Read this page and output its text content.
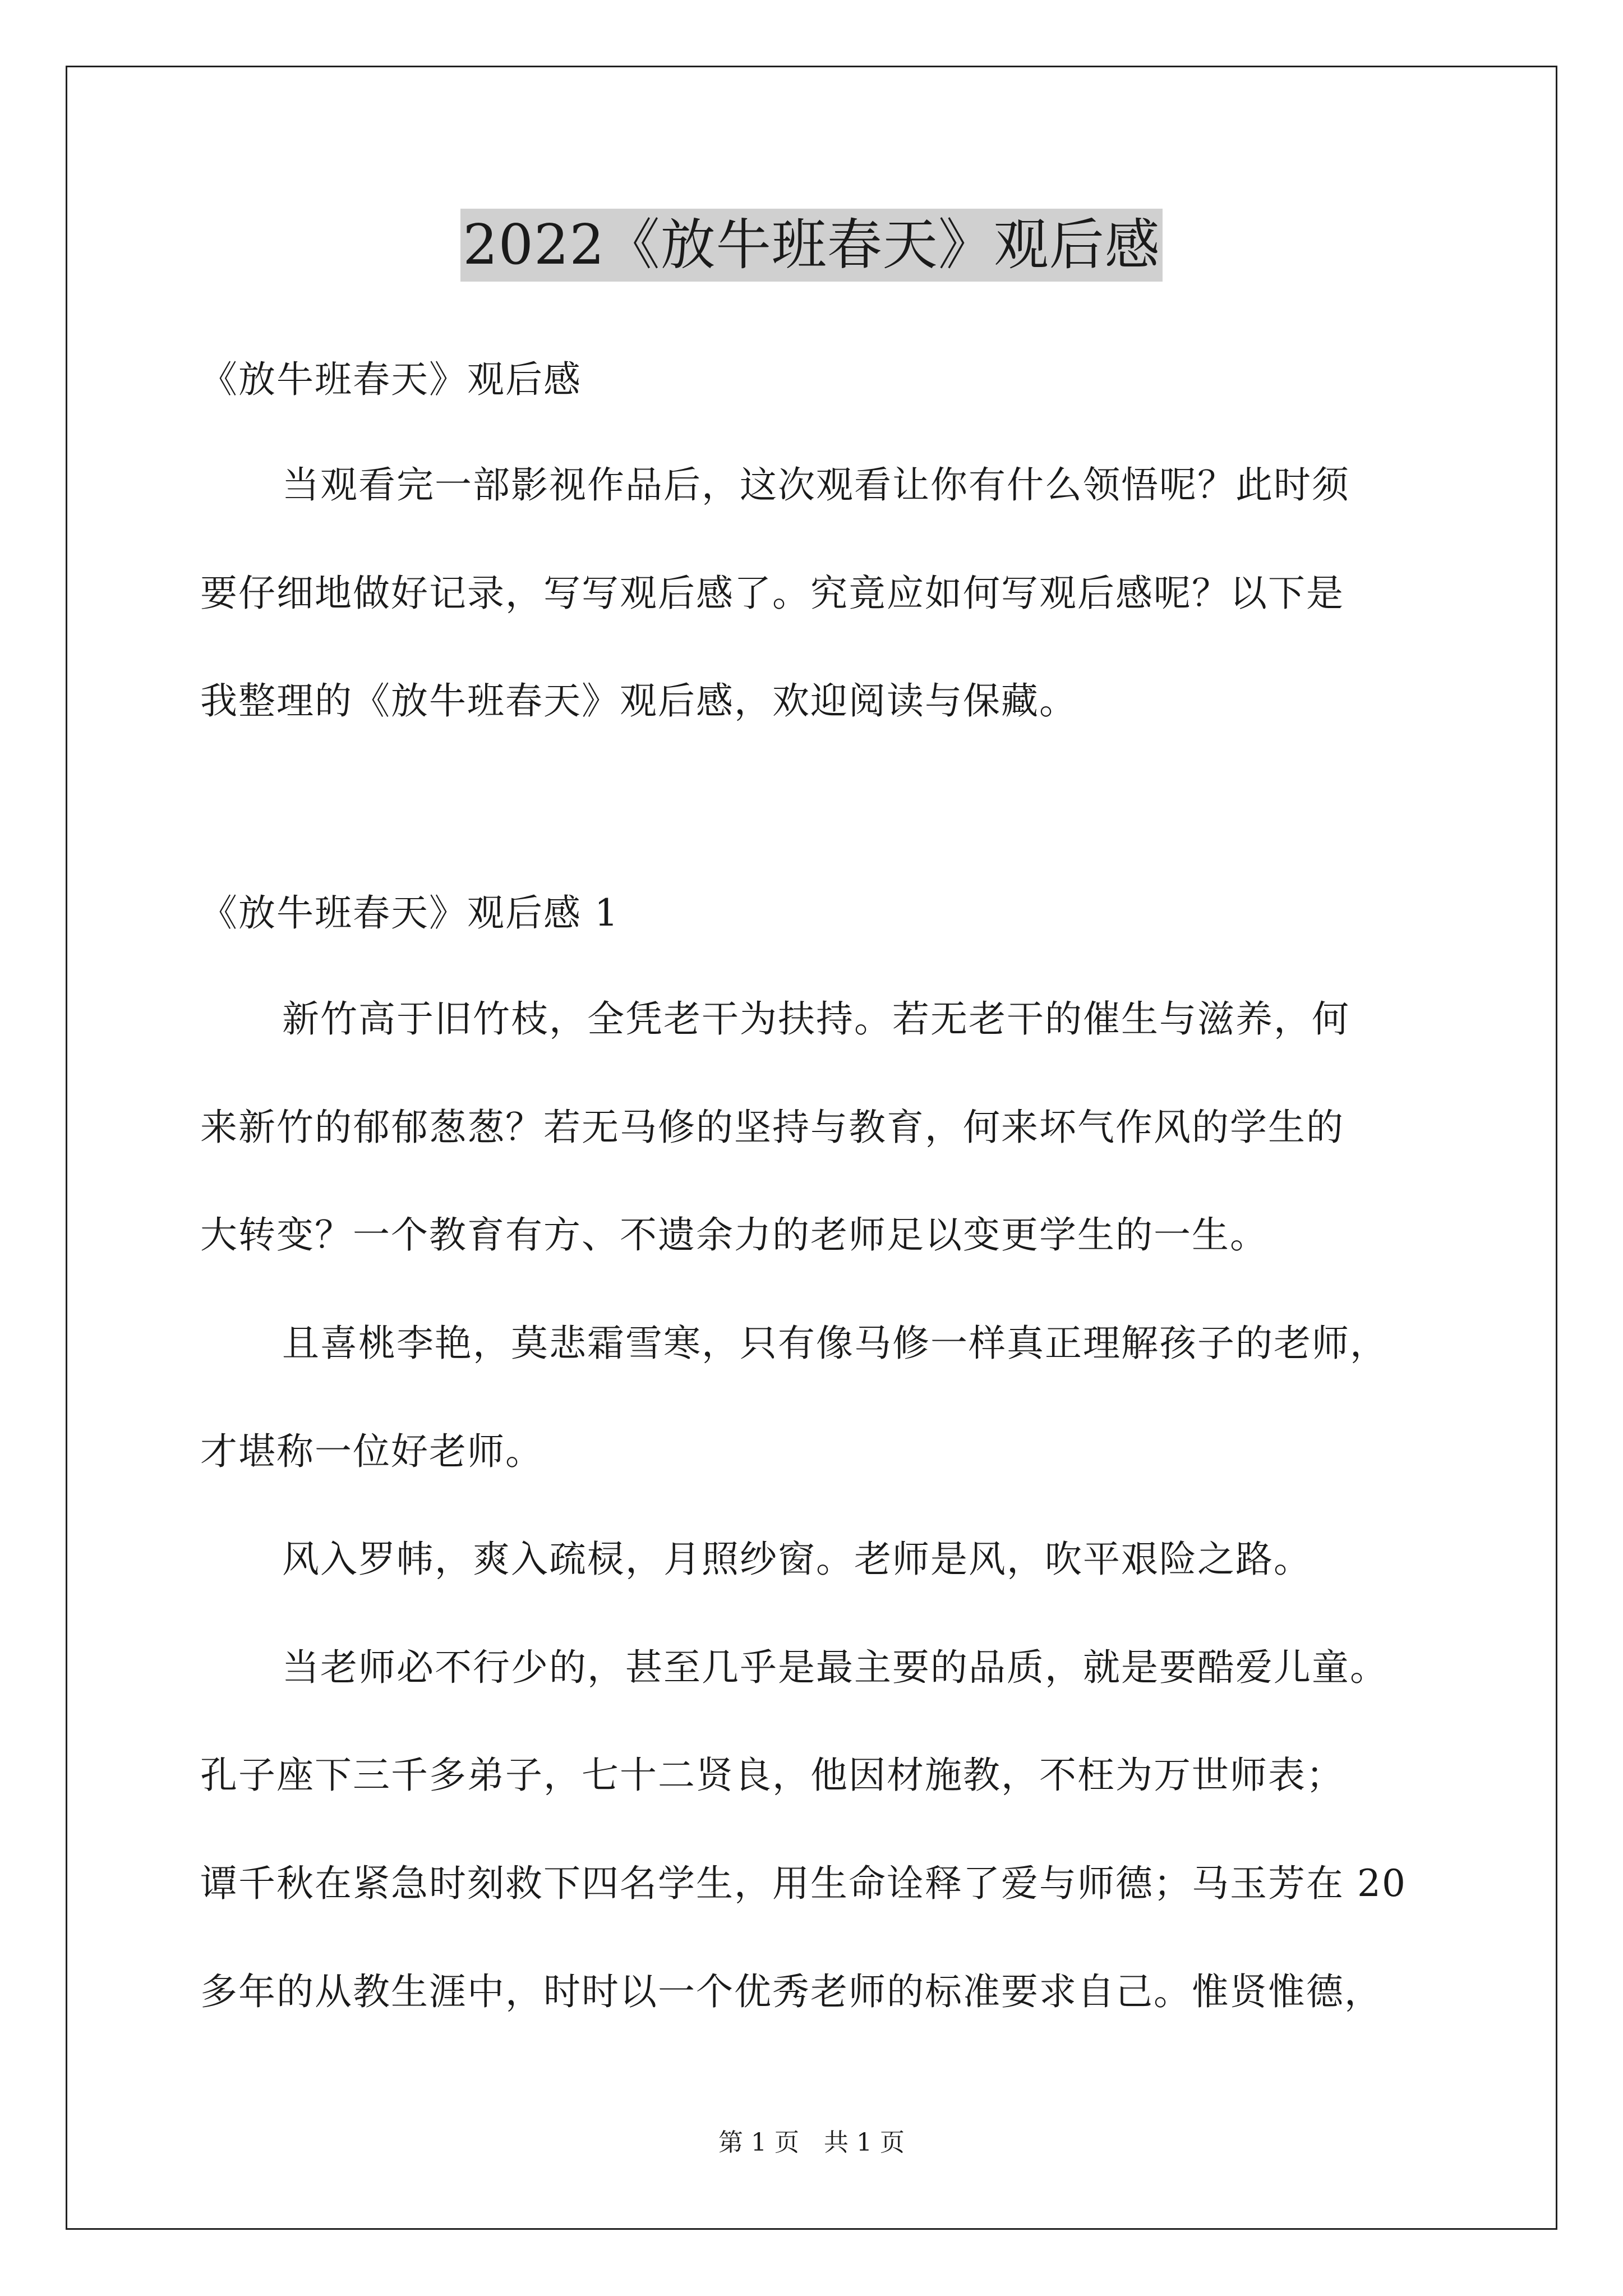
2022《放牛班春天》观后感
《放牛班春天》观后感
当观看完一部影视作品后，这次观看让你有什么领悟呢？此时须
要仔细地做好记录，写写观后感了。究竟应如何写观后感呢？以下是
我整理的《放牛班春天》观后感，欢迎阅读与保藏。
《放牛班春天》观后感 1
新竹高于旧竹枝，全凭老干为扶持。若无老干的催生与滋养，何
来新竹的郁郁葱葱？若无马修的坚持与教育，何来坏气作风的学生的
大转变？一个教育有方、不遗余力的老师足以变更学生的一生。
且喜桃李艳，莫悲霜雪寒，只有像马修一样真正理解孩子的老师，
才堪称一位好老师。
风入罗帏，爽入疏棂，月照纱窗。老师是风，吹平艰险之路。
当老师必不行少的，甚至几乎是最主要的品质，就是要酷爱儿童。
孔子座下三千多弟子，七十二贤良，他因材施教，不枉为万世师表；
谭千秋在紧急时刻救下四名学生，用生命诠释了爱与师德；马玉芳在 20
多年的从教生涯中，时时以一个优秀老师的标准要求自己。惟贤惟德，
第 1 页　共 1 页
